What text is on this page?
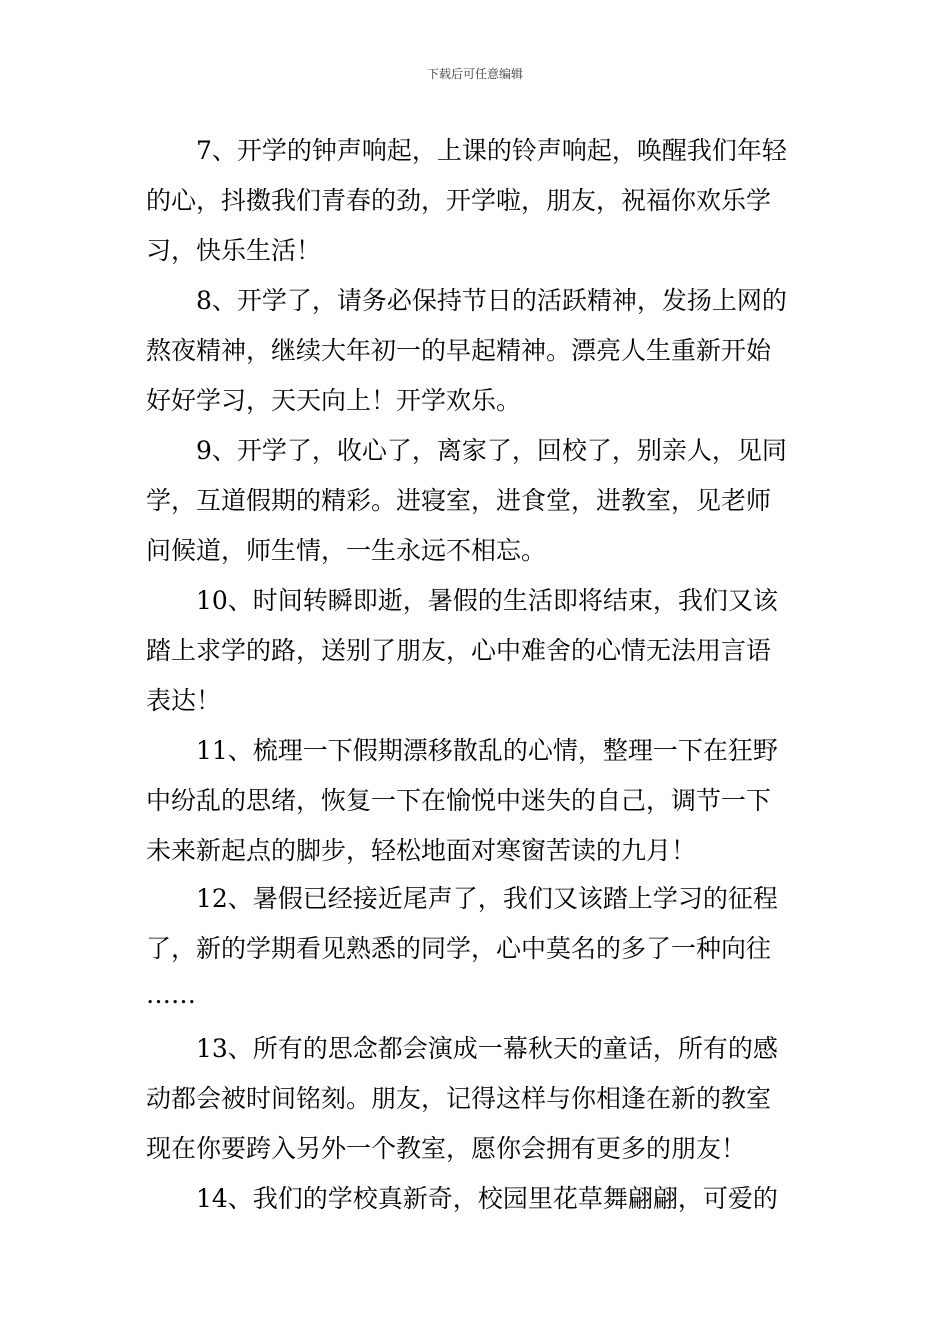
下载后可任意编辑
7、开学的钟声响起，上课的铃声响起，唤醒我们年轻
的心，抖擞我们青春的劲，开学啦，朋友，祝福你欢乐学
习，快乐生活！
8、开学了，请务必保持节日的活跃精神，发扬上网的
熬夜精神，继续大年初一的早起精神。漂亮人生重新开始
好好学习，天天向上！开学欢乐。
9、开学了，收心了，离家了，回校了，别亲人，见同
学，互道假期的精彩。进寝室，进食堂，进教室，见老师
问候道，师生情，一生永远不相忘。
10、时间转瞬即逝，暑假的生活即将结束，我们又该
踏上求学的路，送别了朋友，心中难舍的心情无法用言语
表达！
11、梳理一下假期漂移散乱的心情，整理一下在狂野
中纷乱的思绪，恢复一下在愉悦中迷失的自己，调节一下
未来新起点的脚步，轻松地面对寒窗苦读的九月！
12、暑假已经接近尾声了，我们又该踏上学习的征程
了，新的学期看见熟悉的同学，心中莫名的多了一种向往
……
13、所有的思念都会演成一幕秋天的童话，所有的感
动都会被时间铭刻。朋友，记得这样与你相逢在新的教室
现在你要跨入另外一个教室，愿你会拥有更多的朋友！
14、我们的学校真新奇，校园里花草舞翩翩，可爱的
